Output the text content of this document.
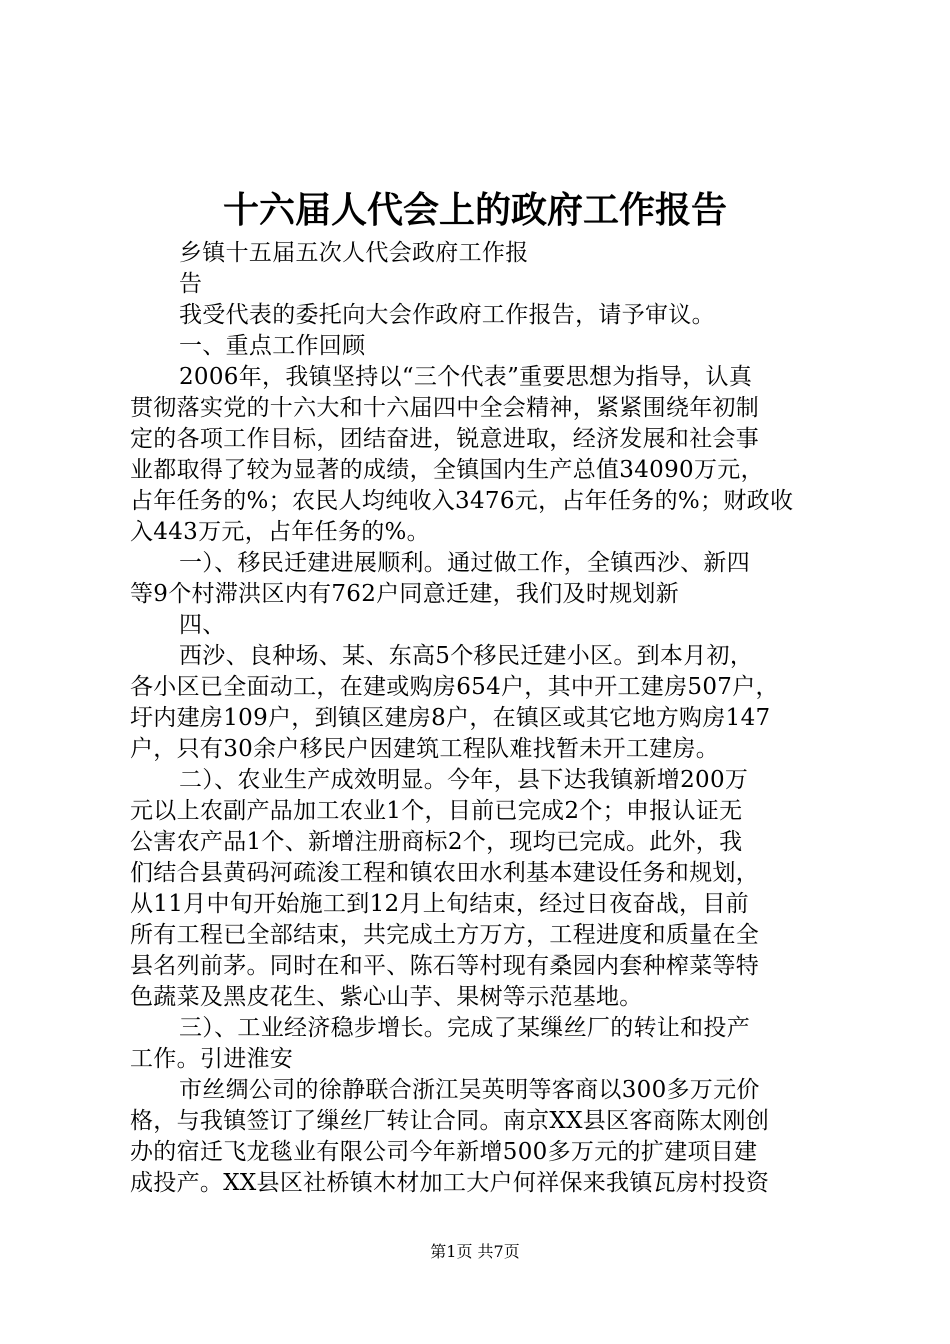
十六届人代会上的政府工作报告
乡镇十五届五次人代会政府工作报
告
我受代表的委托向大会作政府工作报告，请予审议。
一、重点工作回顾
2006年，我镇坚持以“三个代表”重要思想为指导，认真
贯彻落实党的十六大和十六届四中全会精神，紧紧围绕年初制
定的各项工作目标，团结奋进，锐意进取，经济发展和社会事
业都取得了较为显著的成绩，全镇国内生产总值34090万元，
占年任务的%；农民人均纯收入3476元，占年任务的%；财政收
入443万元，占年任务的%。
一）、移民迁建进展顺利。通过做工作，全镇西沙、新四
等9个村滞洪区内有762户同意迁建，我们及时规划新
四、
西沙、良种场、某、东高5个移民迁建小区。到本月初，
各小区已全面动工，在建或购房654户，其中开工建房507户，
圩内建房109户，到镇区建房8户，在镇区或其它地方购房147
户，只有30余户移民户因建筑工程队难找暂未开工建房。
二）、农业生产成效明显。今年，县下达我镇新增200万
元以上农副产品加工农业1个，目前已完成2个；申报认证无
公害农产品1个、新增注册商标2个，现均已完成。此外，我
们结合县黄码河疏浚工程和镇农田水利基本建设任务和规划，
从11月中旬开始施工到12月上旬结束，经过日夜奋战，目前
所有工程已全部结束，共完成土方万方，工程进度和质量在全
县名列前茅。同时在和平、陈石等村现有桑园内套种榨菜等特
色蔬菜及黑皮花生、紫心山芋、果树等示范基地。
三）、工业经济稳步增长。完成了某缫丝厂的转让和投产
工作。引进淮安
市丝绸公司的徐静联合浙江吴英明等客商以300多万元价
格，与我镇签订了缫丝厂转让合同。南京XX县区客商陈太刚创
办的宿迁飞龙毯业有限公司今年新增500多万元的扩建项目建
成投产。XX县区社桥镇木材加工大户何祥保来我镇瓦房村投资
第1页 共7页
